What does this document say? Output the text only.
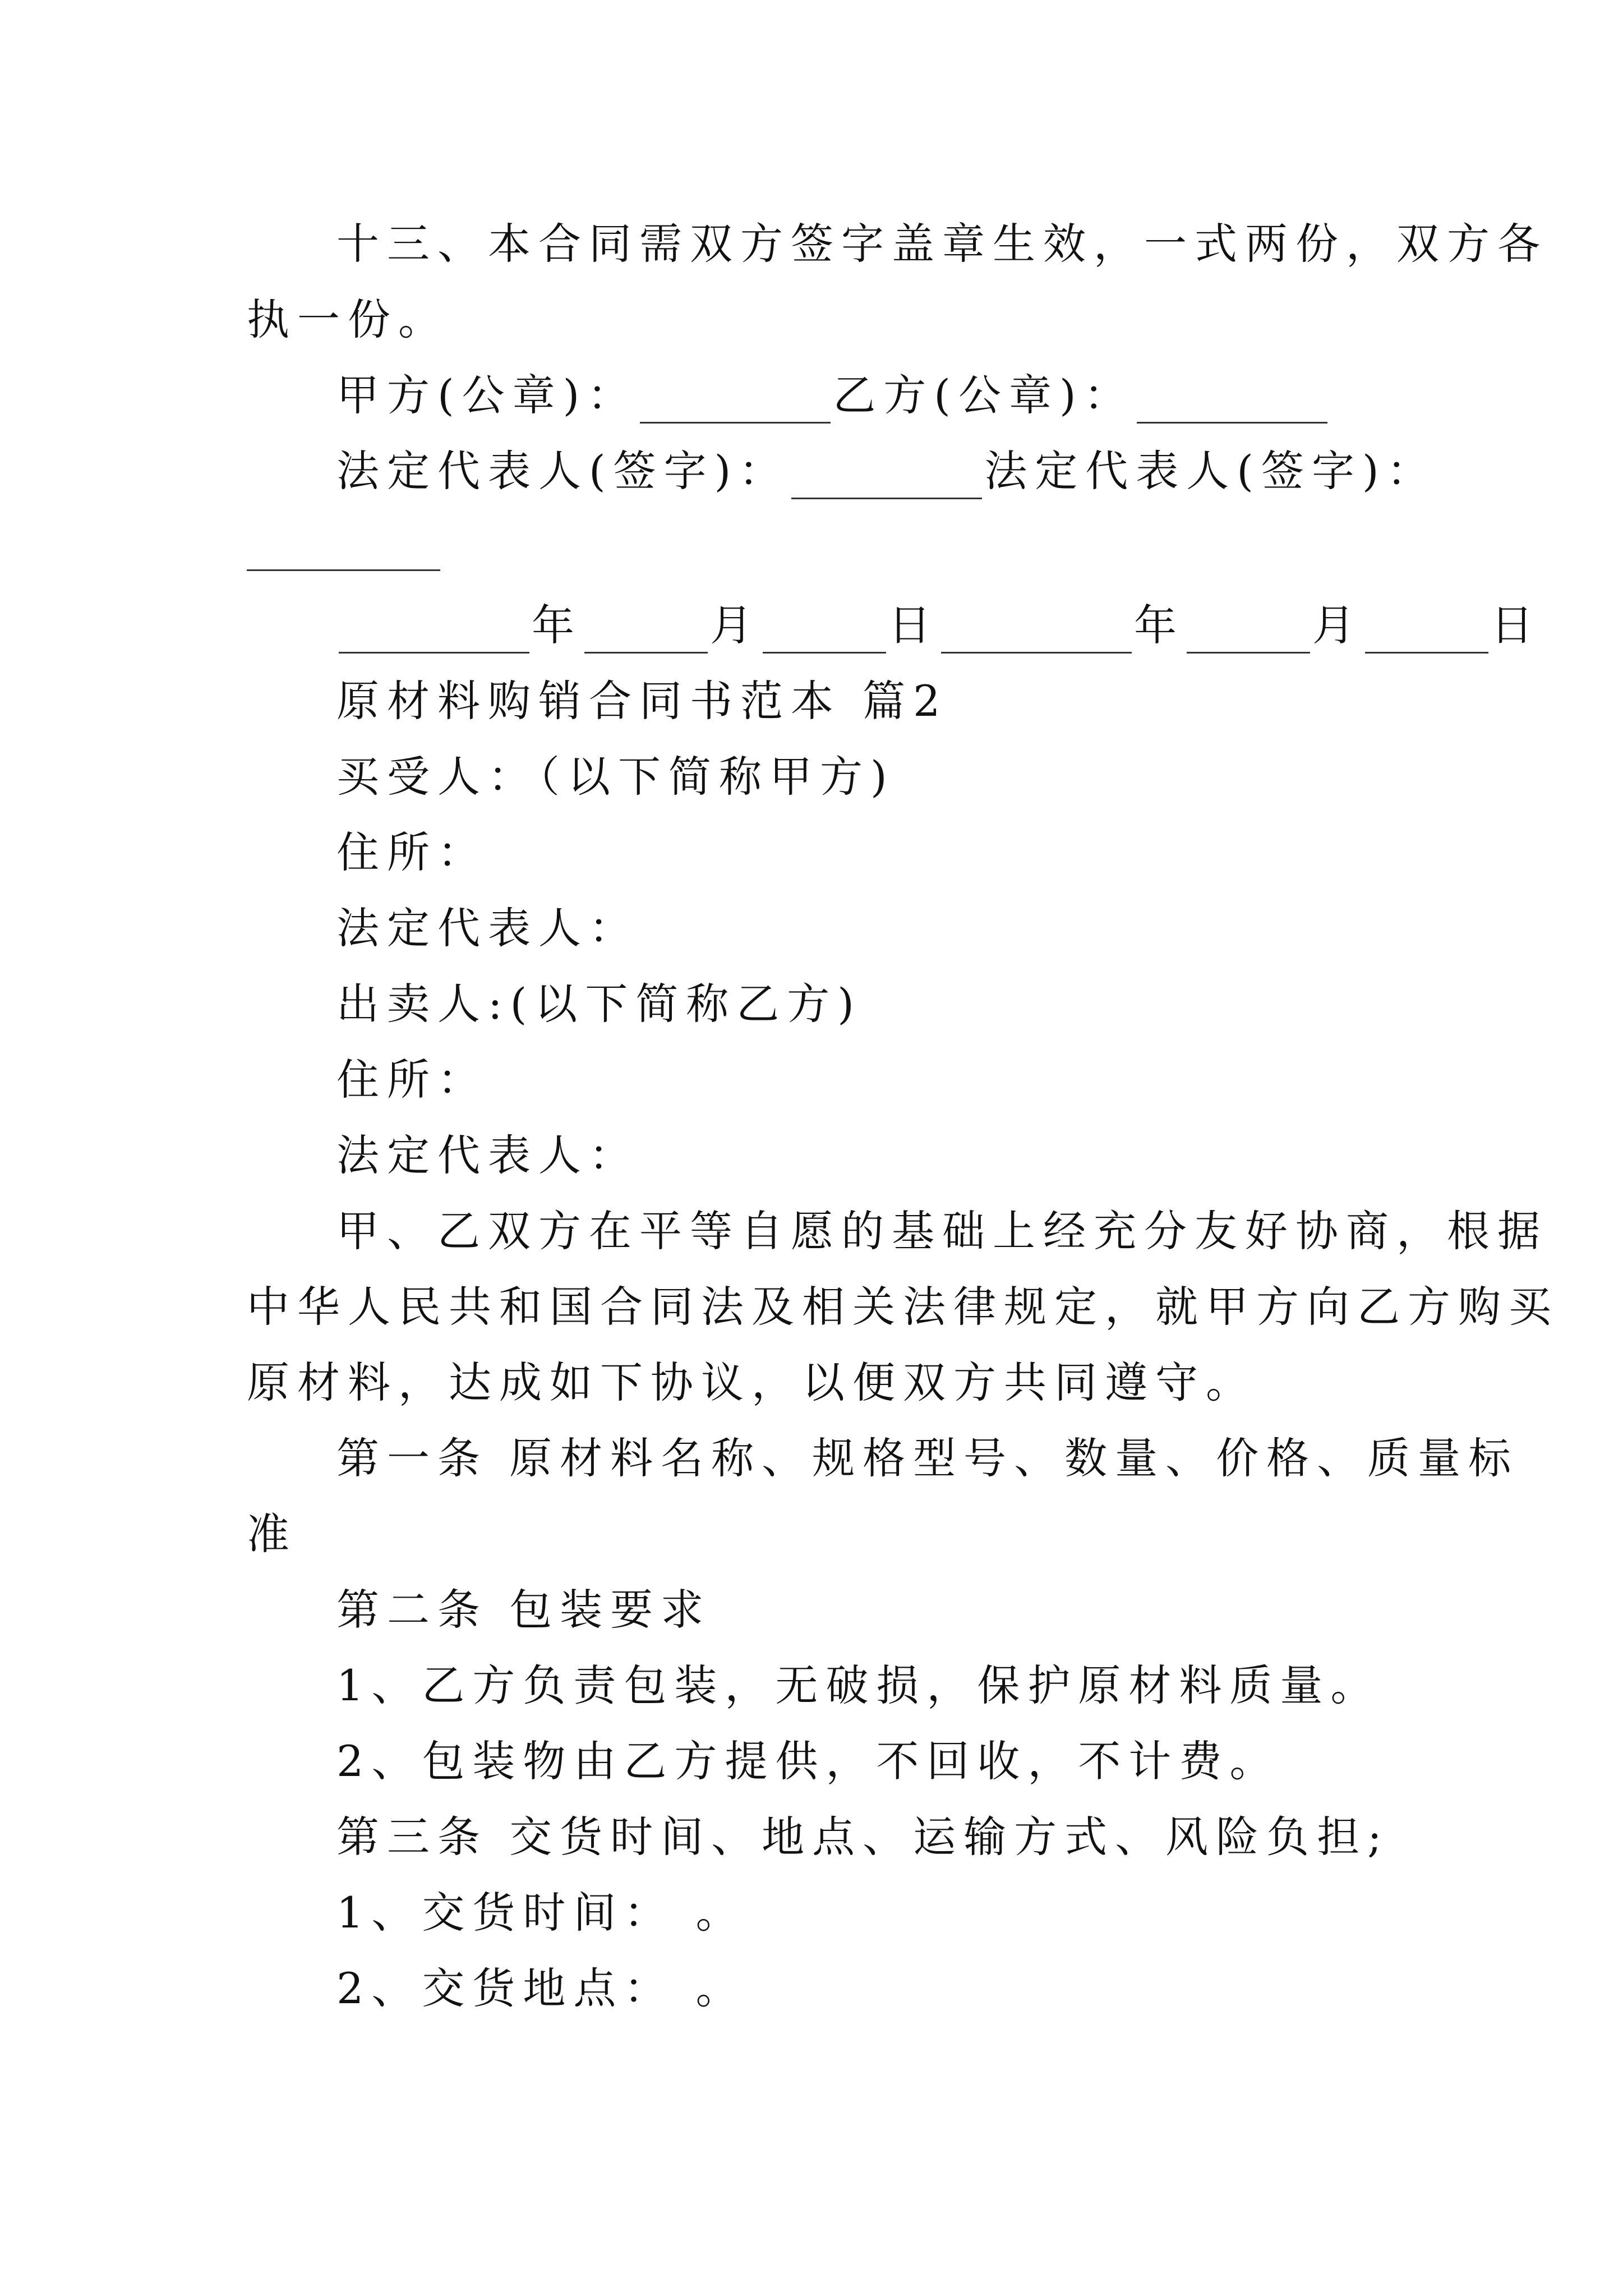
十三、本合同需双方签字盖章生效，一式两份，双方各
执一份。
甲方(公章)：	乙方(公章)：
法定代表人(签字)：	法定代表人(签字)：
年	月	日	年	月	日
原材料购销合同书范本 篇2
买受人：（以下简称甲方)
住所：
法定代表人：
出卖人:(以下简称乙方)
住所：
法定代表人：
甲、乙双方在平等自愿的基础上经充分友好协商，根据
中华人民共和国合同法及相关法律规定，就甲方向乙方购买
原材料，达成如下协议，以便双方共同遵守。
第一条 原材料名称、规格型号、数量、价格、质量标
准
第二条 包装要求
1、乙方负责包装，无破损，保护原材料质量。
2、包装物由乙方提供，不回收，不计费。
第三条 交货时间、地点、运输方式、风险负担;
1、交货时间： 。
2、交货地点： 。
